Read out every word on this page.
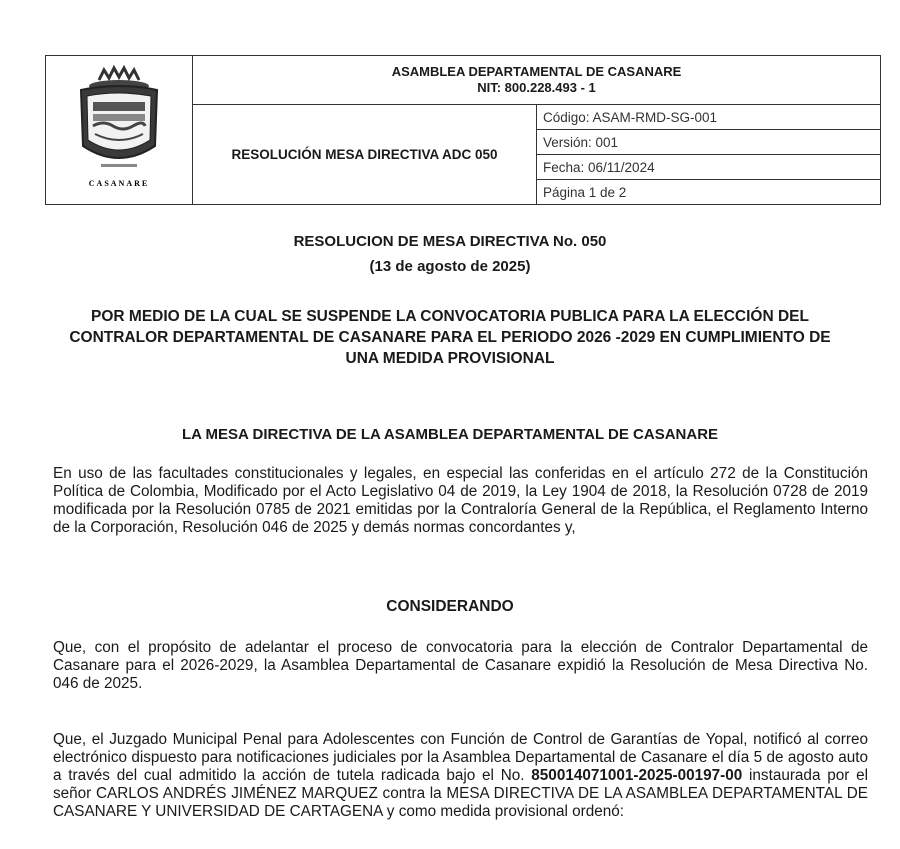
CASANARE	ASAMBLEA DEPARTAMENTAL DE CASANARE
NIT: 800.228.493 - 1	

	RESOLUCIÓN MESA DIRECTIVA ADC 050	Código: ASAM-RMD-SG-001
		Versión: 001
		Fecha: 06/11/2024
		Página 1 de 2
RESOLUCION DE MESA DIRECTIVA No. 050
(13 de agosto de 2025)
POR MEDIO DE LA CUAL SE SUSPENDE LA CONVOCATORIA PUBLICA PARA LA ELECCIÓN DEL CONTRALOR DEPARTAMENTAL DE CASANARE PARA EL PERIODO 2026 -2029 EN CUMPLIMIENTO DE UNA MEDIDA PROVISIONAL
LA MESA DIRECTIVA DE LA ASAMBLEA DEPARTAMENTAL DE CASANARE
En uso de las facultades constitucionales y legales, en especial las conferidas en el artículo 272 de la Constitución Política de Colombia, Modificado por el Acto Legislativo 04 de 2019, la Ley 1904 de 2018, la Resolución 0728 de 2019 modificada por la Resolución 0785 de 2021 emitidas por la Contraloría General de la República, el Reglamento Interno de la Corporación, Resolución 046 de 2025 y demás normas concordantes y,
CONSIDERANDO
Que, con el propósito de adelantar el proceso de convocatoria para la elección de Contralor Departamental de Casanare para el 2026-2029, la Asamblea Departamental de Casanare expidió la Resolución de Mesa Directiva No. 046 de 2025.
Que, el Juzgado Municipal Penal para Adolescentes con Función de Control de Garantías de Yopal, notificó al correo electrónico dispuesto para notificaciones judiciales por la Asamblea Departamental de Casanare el día 5 de agosto auto a través del cual admitido la acción de tutela radicada bajo el No. 850014071001-2025-00197-00 instaurada por el señor CARLOS ANDRÉS JIMÉNEZ MARQUEZ contra la MESA DIRECTIVA DE LA ASAMBLEA DEPARTAMENTAL DE CASANARE Y UNIVERSIDAD DE CARTAGENA y como medida provisional ordenó:
